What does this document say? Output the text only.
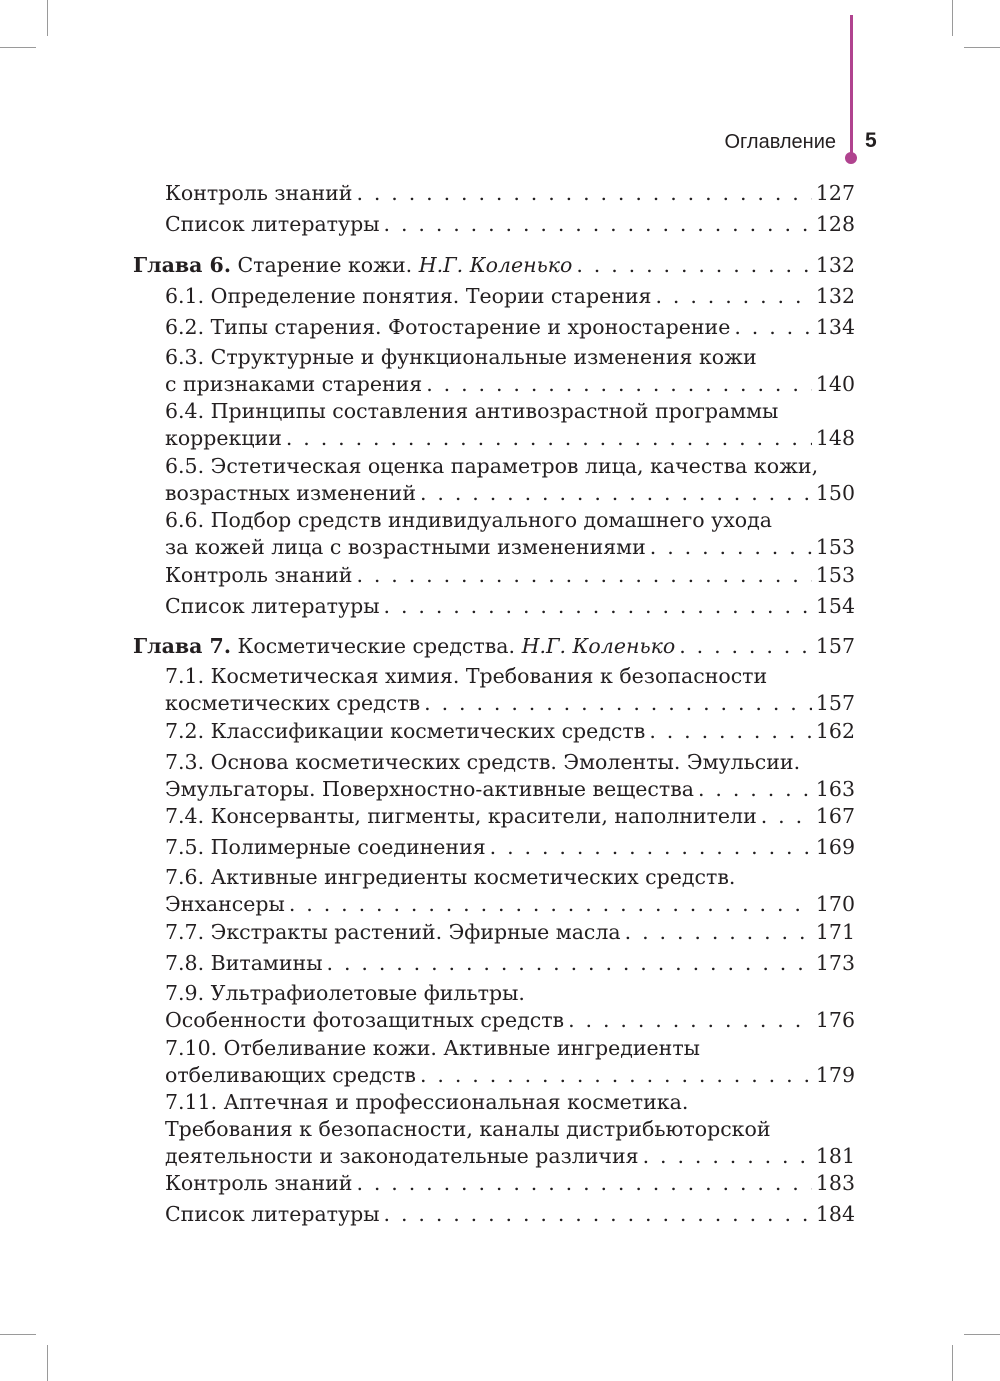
Оглавление 5
Контроль знаний . . .	127
Список литературы . . .	128
Глава 6. Старение кожи. Н.Г. Коленько . . .	132
6.1. Определение понятия. Теории старения . . .	132
6.2. Типы старения. Фотостарение и хроностарение . . .	134
6.3. Структурные и функциональные изменения кожи
с признаками старения . . .	140
6.4. Принципы составления антивозрастной программы
коррекции . . .	148
6.5. Эстетическая оценка параметров лица, качества кожи,
возрастных изменений . . .	150
6.6. Подбор средств индивидуального домашнего ухода
за кожей лица с возрастными изменениями . . .	153
Контроль знаний . . .	153
Список литературы . . .	154
Глава 7. Косметические средства. Н.Г. Коленько . . .	157
7.1. Косметическая химия. Требования к безопасности
косметических средств . . .	157
7.2. Классификации косметических средств . . .	162
7.3. Основа косметических средств. Эмоленты. Эмульсии.
Эмульгаторы. Поверхностно-активные вещества . . .	163
7.4. Консерванты, пигменты, красители, наполнители . . .	167
7.5. Полимерные соединения . . .	169
7.6. Активные ингредиенты косметических средств.
Энхансеры . . .	170
7.7. Экстракты растений. Эфирные масла . . .	171
7.8. Витамины . . .	173
7.9. Ультрафиолетовые фильтры.
Особенности фотозащитных средств . . .	176
7.10. Отбеливание кожи. Активные ингредиенты
отбеливающих средств . . .	179
7.11. Аптечная и профессиональная косметика.
Требования к безопасности, каналы дистрибьюторской
деятельности и законодательные различия . . .	181
Контроль знаний . . .	183
Список литературы . . .	184
